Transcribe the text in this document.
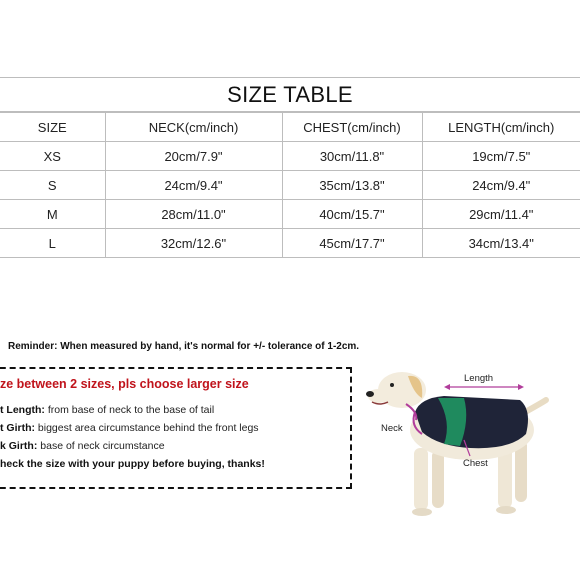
SIZE TABLE
SIZE	NECK(cm/inch)	CHEST(cm/inch)	LENGTH(cm/inch)
XS	20cm/7.9"	30cm/11.8"	19cm/7.5"
S	24cm/9.4"	35cm/13.8"	24cm/9.4"
M	28cm/11.0"	40cm/15.7"	29cm/11.4"
L	32cm/12.6"	45cm/17.7"	34cm/13.4"
Reminder: When measured by hand, it's normal for +/- tolerance of 1-2cm.
ze between 2 sizes, pls choose larger size
t Length: from base of neck to the base of tail
t Girth: biggest area circumstance behind the front legs
k Girth: base of neck circumstance
heck the size with your puppy before buying, thanks!
Length
Neck
Chest
